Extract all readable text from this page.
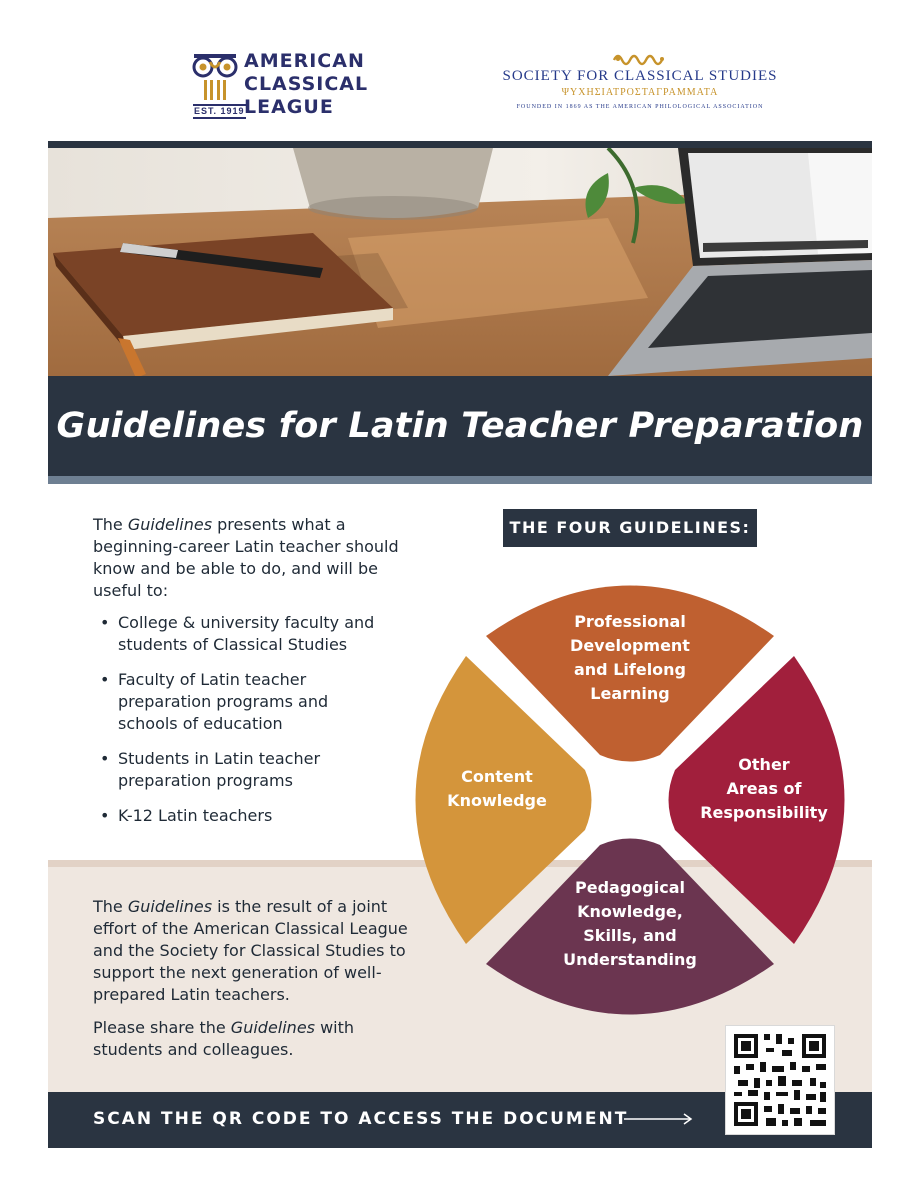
EST. 1919
AMERICAN
CLASSICAL
LEAGUE
SOCIETY FOR CLASSICAL STUDIES
ΨΥΧΗΣΙΑΤΡΟΣΤΑΓΡΑΜΜΑΤΑ
FOUNDED IN 1869 AS THE AMERICAN PHILOLOGICAL ASSOCIATION
Guidelines for Latin Teacher Preparation
The Guidelines presents what a beginning-career Latin teacher should know and be able to do, and will be useful to:
• College & university faculty and students of Classical Studies
• Faculty of Latin teacher preparation programs and schools of education
• Students in Latin teacher preparation programs
• K-12 Latin teachers
The Guidelines is the result of a joint effort of the American Classical League and the Society for Classical Studies to support the next generation of well-prepared Latin teachers.
Please share the Guidelines with students and colleagues.
THE FOUR GUIDELINES:
Professional
Development
and Lifelong
Learning
Other
Areas of
Responsibility
Pedagogical
Knowledge,
Skills, and
Understanding
Content
Knowledge
SCAN THE QR CODE TO ACCESS THE DOCUMENT
